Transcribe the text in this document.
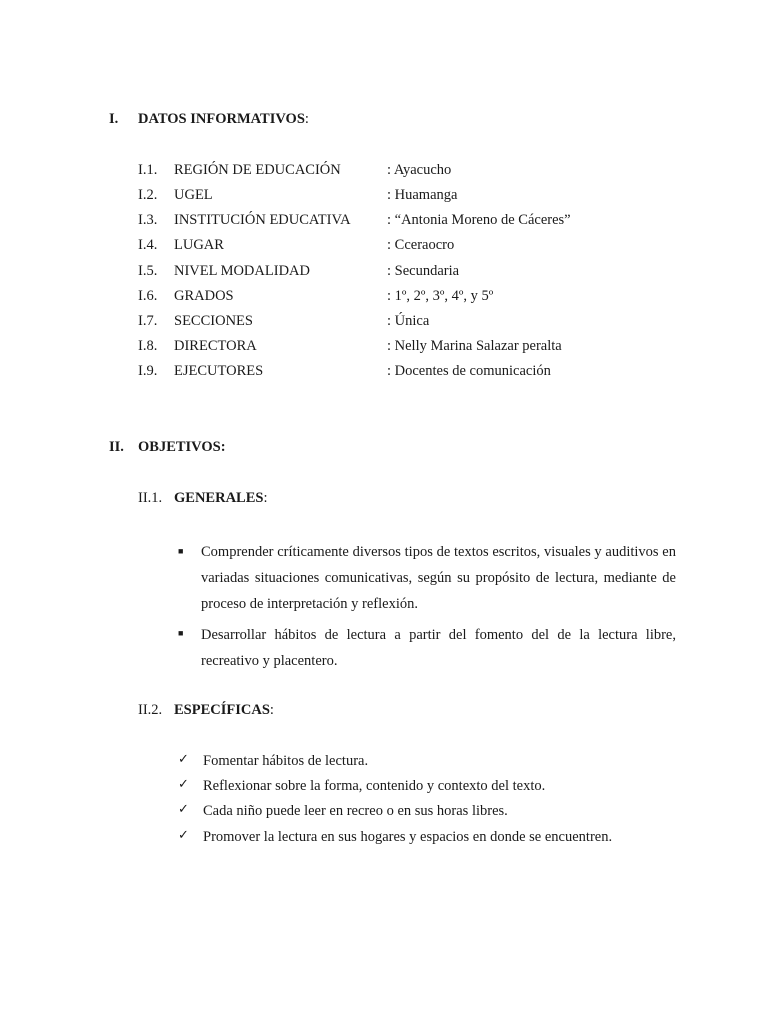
I. DATOS INFORMATIVOS:
I.1. REGIÓN DE EDUCACIÓN	: Ayacucho
I.2. UGEL	: Huamanga
I.3. INSTITUCIÓN EDUCATIVA	: “Antonia Moreno de Cáceres”
I.4. LUGAR	: Cceraocro
I.5. NIVEL MODALIDAD	: Secundaria
I.6. GRADOS	: 1º, 2º, 3º, 4º, y 5º
I.7. SECCIONES	: Única
I.8. DIRECTORA	: Nelly Marina Salazar peralta
I.9. EJECUTORES	: Docentes de comunicación
II. OBJETIVOS:
II.1. GENERALES:
■ Comprender críticamente diversos tipos de textos escritos, visuales y auditivos en variadas situaciones comunicativas, según su propósito de lectura, mediante de proceso de interpretación y reflexión.
■ Desarrollar hábitos de lectura a partir del fomento del de la lectura libre, recreativo y placentero.
II.2. ESPECÍFICAS:
✓ Fomentar hábitos de lectura.
✓ Reflexionar sobre la forma, contenido y contexto del texto.
✓ Cada niño puede leer en recreo o en sus horas libres.
✓ Promover la lectura en sus hogares y espacios en donde se encuentren.
